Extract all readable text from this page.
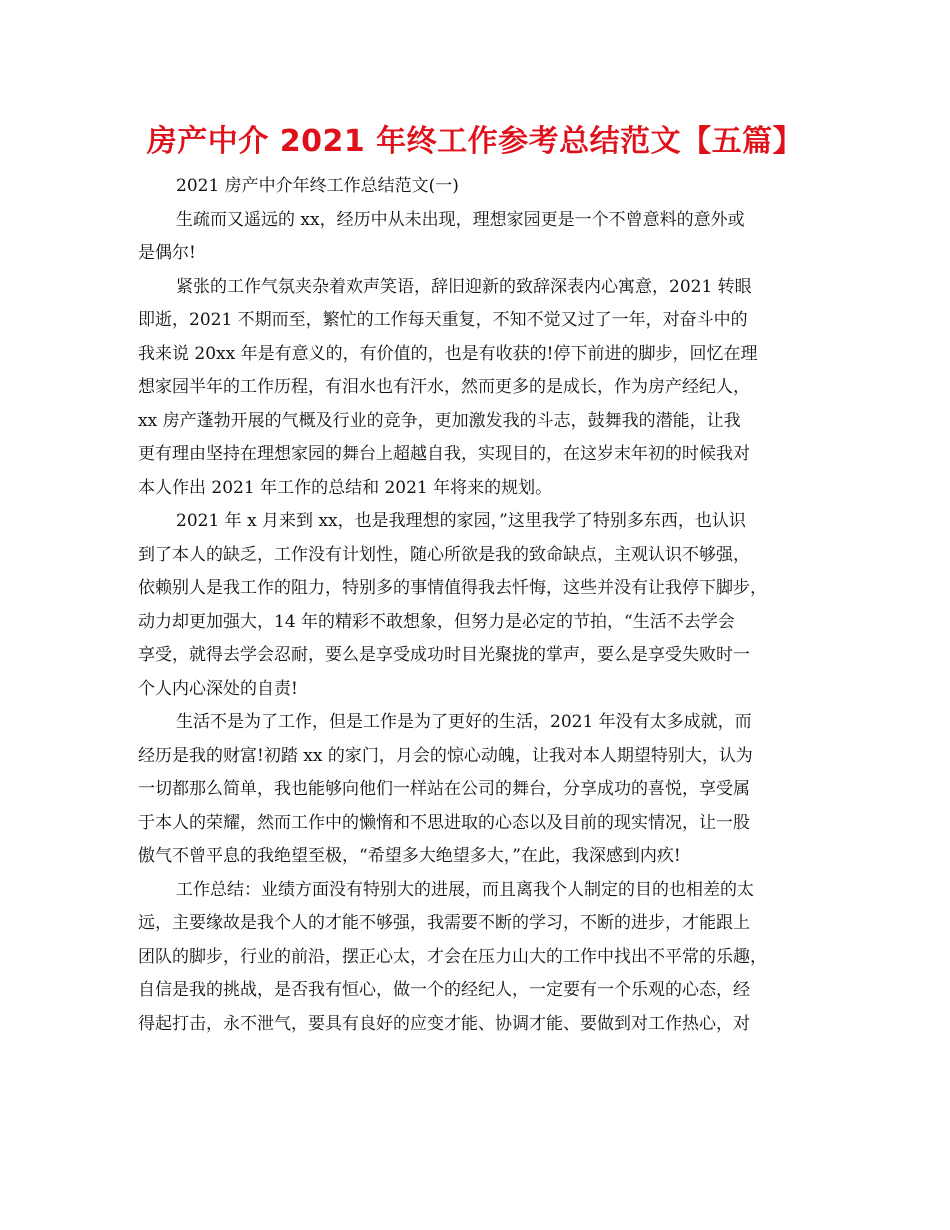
房产中介 2021 年终工作参考总结范文【五篇】
2021 房产中介年终工作总结范文(一)
生疏而又遥远的 xx，经历中从未出现，理想家园更是一个不曾意料的意外或
是偶尔!
紧张的工作气氛夹杂着欢声笑语，辞旧迎新的致辞深表内心寓意，2021 转眼
即逝，2021 不期而至，繁忙的工作每天重复，不知不觉又过了一年，对奋斗中的
我来说 20xx 年是有意义的，有价值的，也是有收获的!停下前进的脚步，回忆在理
想家园半年的工作历程，有泪水也有汗水，然而更多的是成长，作为房产经纪人，
xx 房产蓬勃开展的气概及行业的竞争，更加激发我的斗志，鼓舞我的潜能，让我
更有理由坚持在理想家园的舞台上超越自我，实现目的，在这岁末年初的时候我对
本人作出 2021 年工作的总结和 2021 年将来的规划。
2021 年 x 月来到 xx，也是我理想的家园，”这里我学了特别多东西，也认识
到了本人的缺乏，工作没有计划性，随心所欲是我的致命缺点，主观认识不够强，
依赖别人是我工作的阻力，特别多的事情值得我去忏悔，这些并没有让我停下脚步，
动力却更加强大，14 年的精彩不敢想象，但努力是必定的节拍，“生活不去学会
享受，就得去学会忍耐，要么是享受成功时目光聚拢的掌声，要么是享受失败时一
个人内心深处的自责!
生活不是为了工作，但是工作是为了更好的生活，2021 年没有太多成就，而
经历是我的财富!初踏 xx 的家门，月会的惊心动魄，让我对本人期望特别大，认为
一切都那么简单，我也能够向他们一样站在公司的舞台，分享成功的喜悦，享受属
于本人的荣耀，然而工作中的懒惰和不思进取的心态以及目前的现实情况，让一股
傲气不曾平息的我绝望至极，“希望多大绝望多大，”在此，我深感到内疚!
工作总结：业绩方面没有特别大的进展，而且离我个人制定的目的也相差的太
远，主要缘故是我个人的才能不够强，我需要不断的学习，不断的进步，才能跟上
团队的脚步，行业的前沿，摆正心太，才会在压力山大的工作中找出不平常的乐趣，
自信是我的挑战，是否我有恒心，做一个的经纪人，一定要有一个乐观的心态，经
得起打击，永不泄气，要具有良好的应变才能、协调才能、要做到对工作热心，对
